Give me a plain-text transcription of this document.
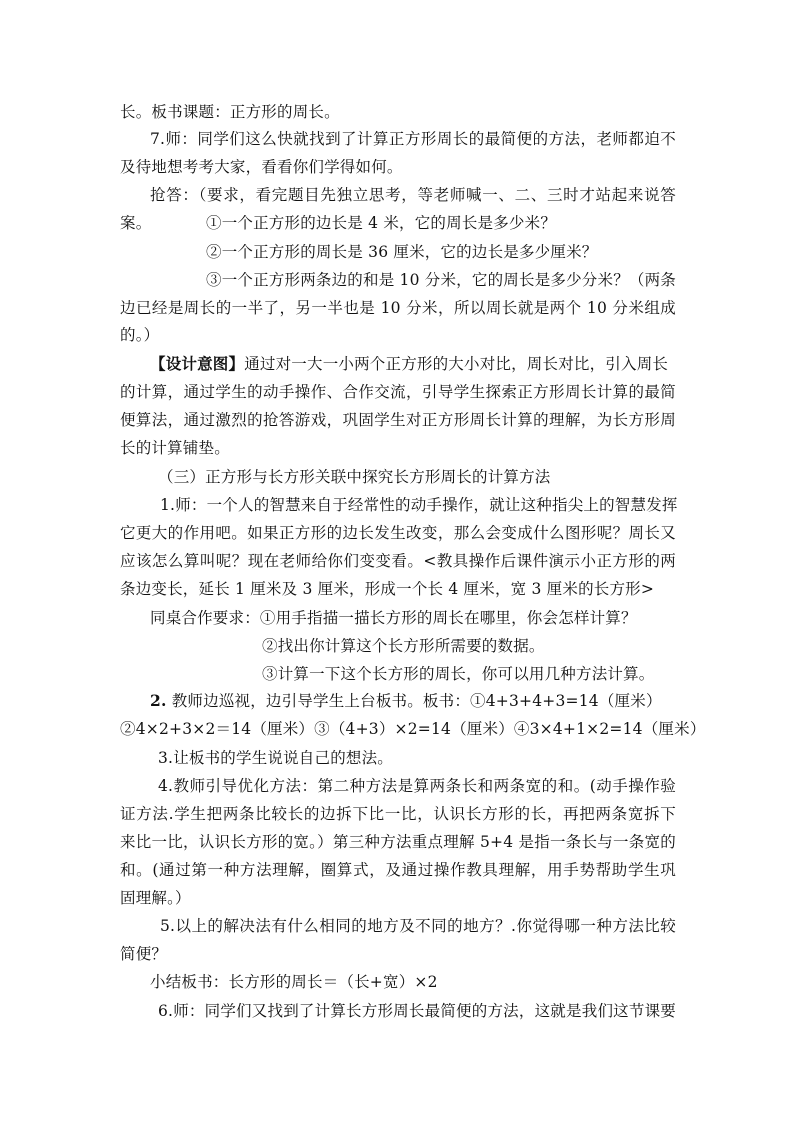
长。板书课题：正方形的周长。
7.师：同学们这么快就找到了计算正方形周长的最简便的方法，老师都迫不
及待地想考考大家，看看你们学得如何。
抢答：（要求，看完题目先独立思考，等老师喊一、二、三时才站起来说答
案。	①一个正方形的边长是 4 米，它的周长是多少米？
②一个正方形的周长是 36 厘米，它的边长是多少厘米？
③一个正方形两条边的和是 10 分米，它的周长是多少分米？（两条
边已经是周长的一半了，另一半也是 10 分米，所以周长就是两个 10 分米组成
的。）
【设计意图】通过对一大一小两个正方形的大小对比，周长对比，引入周长
的计算，通过学生的动手操作、合作交流，引导学生探索正方形周长计算的最简
便算法，通过激烈的抢答游戏，巩固学生对正方形周长计算的理解，为长方形周
长的计算铺垫。
（三）正方形与长方形关联中探究长方形周长的计算方法
1.师：一个人的智慧来自于经常性的动手操作，就让这种指尖上的智慧发挥
它更大的作用吧。如果正方形的边长发生改变，那么会变成什么图形呢？周长又
应该怎么算叫呢？现在老师给你们变变看。<教具操作后课件演示小正方形的两
条边变长，延长 1 厘米及 3 厘米，形成一个长 4 厘米，宽 3 厘米的长方形>
同桌合作要求：①用手指描一描长方形的周长在哪里，你会怎样计算？
②找出你计算这个长方形所需要的数据。
③计算一下这个长方形的周长，你可以用几种方法计算。
2. 教师边巡视，边引导学生上台板书。板书：①4+3+4+3=14（厘米）
②4×2+3×2＝14（厘米）③（4+3）×2=14（厘米）④3×4+1×2=14（厘米）
3.让板书的学生说说自己的想法。
4.教师引导优化方法：第二种方法是算两条长和两条宽的和。(动手操作验
证方法.学生把两条比较长的边拆下比一比，认识长方形的长，再把两条宽拆下
来比一比，认识长方形的宽。）第三种方法重点理解 5+4 是指一条长与一条宽的
和。(通过第一种方法理解，圈算式，及通过操作教具理解，用手势帮助学生巩
固理解。）
5.以上的解决法有什么相同的地方及不同的地方？.你觉得哪一种方法比较
简便？
小结板书：长方形的周长＝（长+宽）×2
6.师：同学们又找到了计算长方形周长最简便的方法，这就是我们这节课要
